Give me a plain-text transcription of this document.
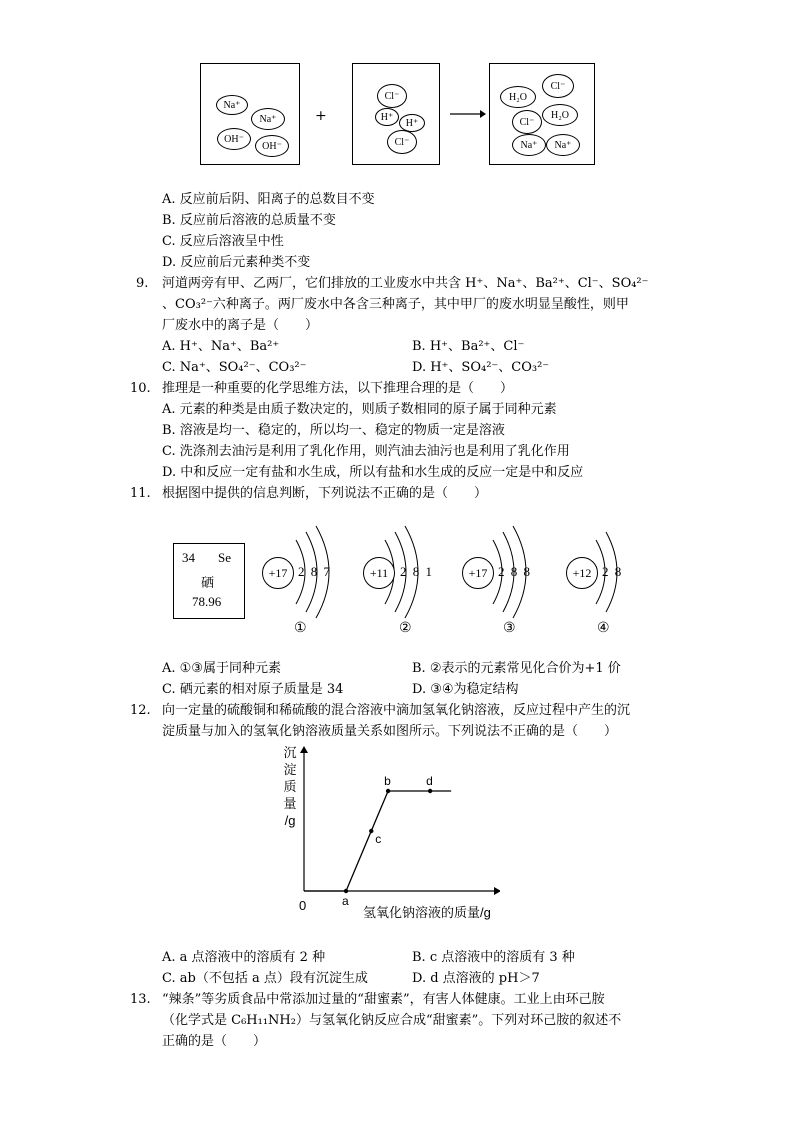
Na⁺
Na⁺
OH⁻
OH⁻
+
Cl⁻
H⁺
H⁺
Cl⁻
Cl⁻
H₂O
Cl⁻
H₂O
Na⁺	Na⁺
A. 反应前后阴、阳离子的总数目不变
B. 反应前后溶液的总质量不变
C. 反应后溶液呈中性
D. 反应前后元素种类不变
9. 河道两旁有甲、乙两厂，它们排放的工业废水中共含 H⁺、Na⁺、Ba²⁺、Cl⁻、SO₄²⁻
、CO₃²⁻六种离子。两厂废水中各含三种离子，其中甲厂的废水明显呈酸性，则甲
厂废水中的离子是（　　）
A. H⁺、Na⁺、Ba²⁺	B. H⁺、Ba²⁺、Cl⁻
C. Na⁺、SO₄²⁻、CO₃²⁻	D. H⁺、SO₄²⁻、CO₃²⁻
10. 推理是一种重要的化学思维方法，以下推理合理的是（　　）
A. 元素的种类是由质子数决定的，则质子数相同的原子属于同种元素
B. 溶液是均一、稳定的，所以均一、稳定的物质一定是溶液
C. 洗涤剂去油污是利用了乳化作用，则汽油去油污也是利用了乳化作用
D. 中和反应一定有盐和水生成，所以有盐和水生成的反应一定是中和反应
11. 根据图中提供的信息判断，下列说法不正确的是（　　）
34 Se
硒
78.96
+17 2 8 7
①
+11 2 8 1
②
+17 2 8 8
③
+12 2 8
④
A. ①③属于同种元素	B. ②表示的元素常见化合价为+1 价
C. 硒元素的相对原子质量是 34	D. ③④为稳定结构
12. 向一定量的硫酸铜和稀硫酸的混合溶液中滴加氢氧化钠溶液，反应过程中产生的沉
淀质量与加入的氢氧化钠溶液质量关系如图所示。下列说法不正确的是（　　）
沉
淀
质
量
/g
a
c
b	d
0	氢氧化钠溶液的质量/g
A. a 点溶液中的溶质有 2 种	B. c 点溶液中的溶质有 3 种
C. ab（不包括 a 点）段有沉淀生成	D. d 点溶液的 pH＞7
13. “辣条”等劣质食品中常添加过量的“甜蜜素”，有害人体健康。工业上由环己胺
（化学式是 C₆H₁₁NH₂）与氢氧化钠反应合成“甜蜜素”。下列对环己胺的叙述不
正确的是（　　）
